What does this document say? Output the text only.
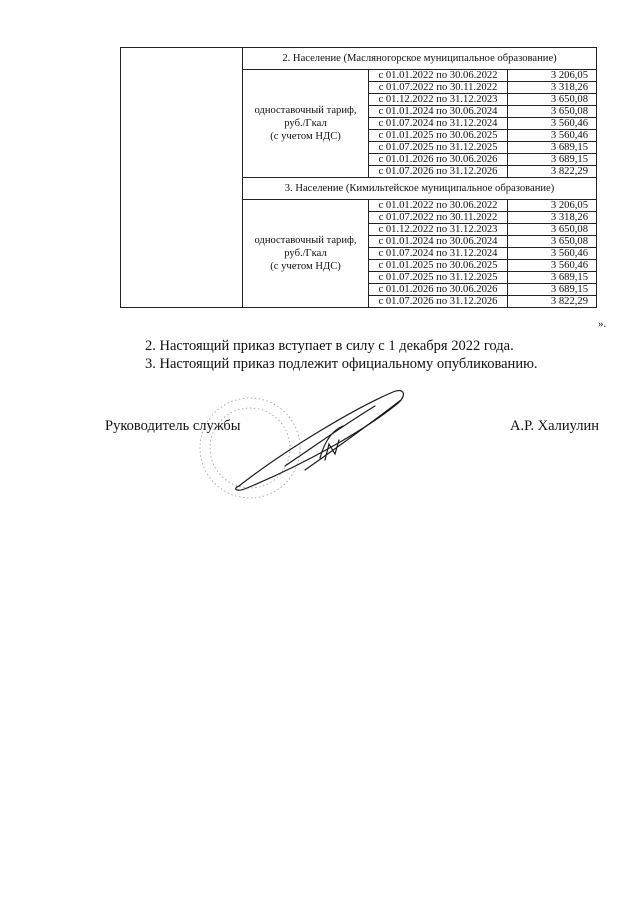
	2. Население (Масляногорское муниципальное образование)		

	одноставочный тариф,
руб./Гкал
(с учетом НДС)	с 01.01.2022 по 30.06.2022	3 206,05
		с 01.07.2022 по 30.11.2022	3 318,26
		с 01.12.2022 по 31.12.2023	3 650,08
		с 01.01.2024 по 30.06.2024	3 650,08
		с 01.07.2024 по 31.12.2024	3 560,46
		с 01.01.2025 по 30.06.2025	3 560,46
		с 01.07.2025 по 31.12.2025	3 689,15
		с 01.01.2026 по 30.06.2026	3 689,15
		с 01.07.2026 по 31.12.2026	3 822,29
	3. Население (Кимильтейское муниципальное образование)		

	одноставочный тариф,
руб./Гкал
(с учетом НДС)	с 01.01.2022 по 30.06.2022	3 206,05
		с 01.07.2022 по 30.11.2022	3 318,26
		с 01.12.2022 по 31.12.2023	3 650,08
		с 01.01.2024 по 30.06.2024	3 650,08
		с 01.07.2024 по 31.12.2024	3 560,46
		с 01.01.2025 по 30.06.2025	3 560,46
		с 01.07.2025 по 31.12.2025	3 689,15
		с 01.01.2026 по 30.06.2026	3 689,15
		с 01.07.2026 по 31.12.2026	3 822,29
».
2. Настоящий приказ вступает в силу с 1 декабря 2022 года.
3. Настоящий приказ подлежит официальному опубликованию.
Руководитель службы	А.Р. Халиулин
